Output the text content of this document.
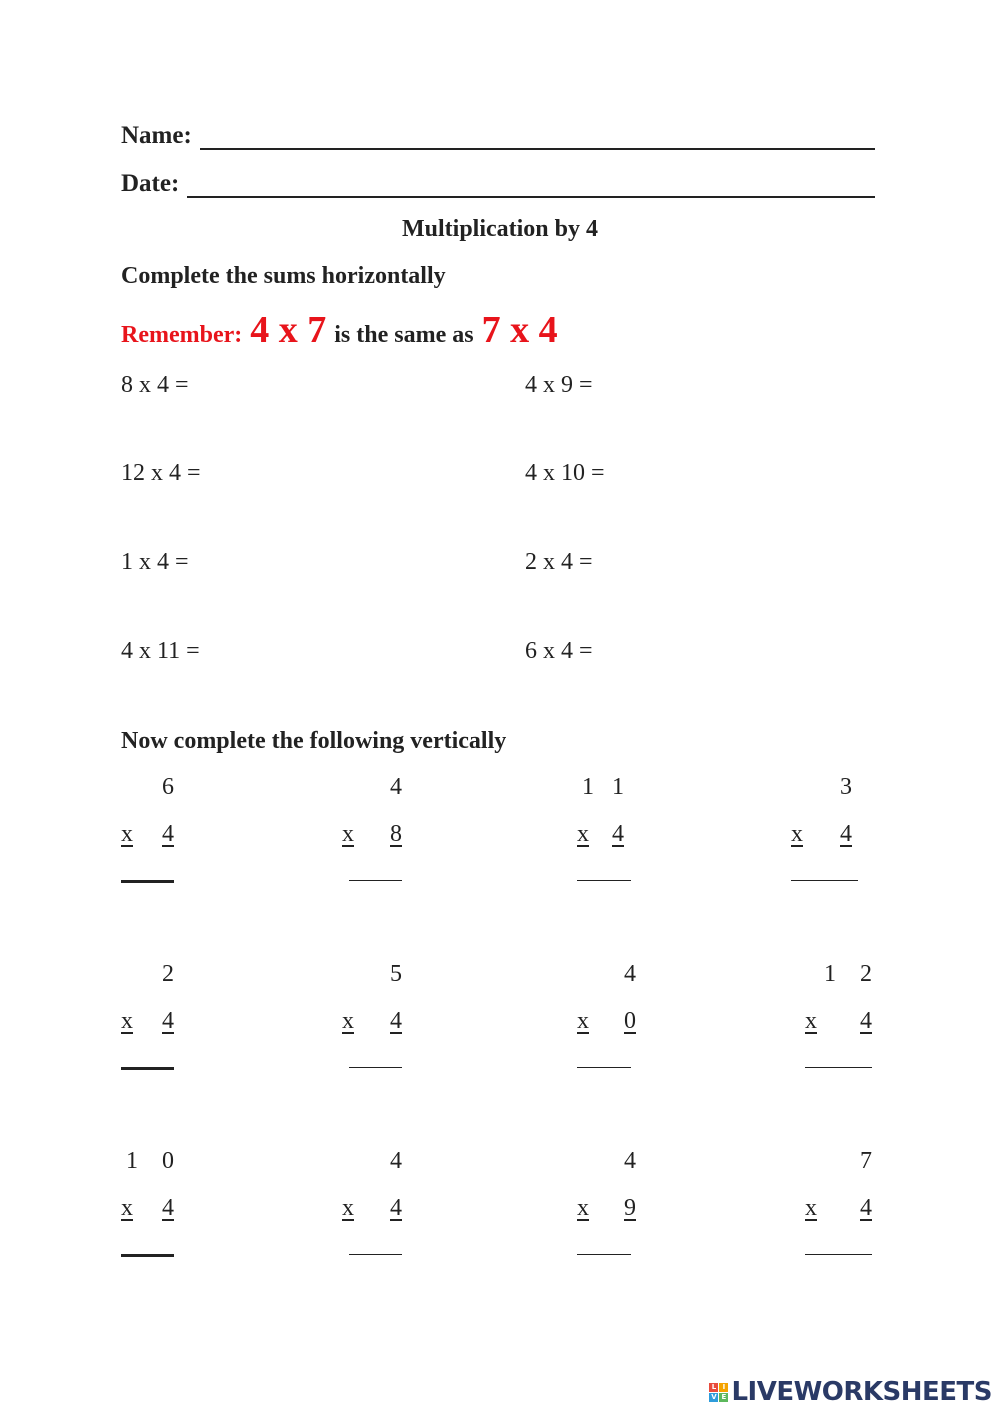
Name:
Date:
Multiplication by 4
Complete the sums horizontally
Remember: 4 x 7 is the same as 7 x 4
8 x 4 =	4 x 9 =
12 x 4 =	4 x 10 =
1 x 4 =	2 x 4 =
4 x 11 =	6 x 4 =
Now complete the following vertically
6
x 4
4
x 8
1   1
x 4
3
x 4
2
x 4
5
x 4
4
x 0
1    2
x 4
1    0
x 4
4
x 4
4
x 9
7
x 4
L I
V E LIVEWORKSHEETS
